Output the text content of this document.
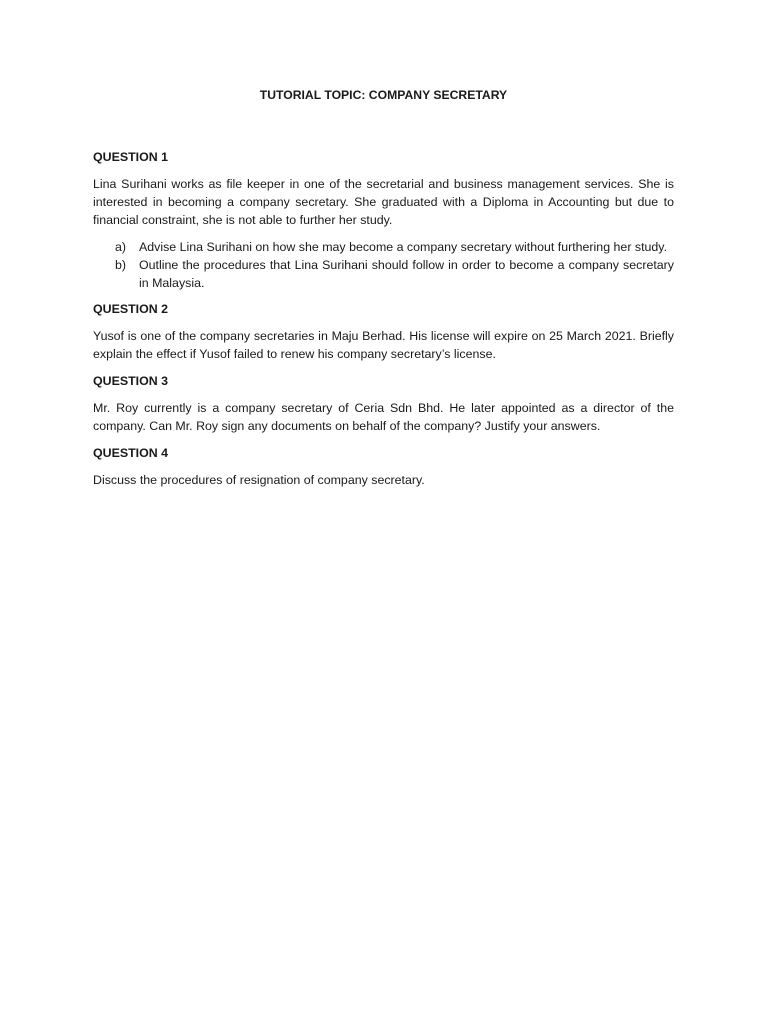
TUTORIAL TOPIC: COMPANY SECRETARY
QUESTION 1
Lina Surihani works as file keeper in one of the secretarial and business management services. She is interested in becoming a company secretary. She graduated with a Diploma in Accounting but due to financial constraint, she is not able to further her study.
a)	Advise Lina Surihani on how she may become a company secretary without furthering her study.
b)	Outline the procedures that Lina Surihani should follow in order to become a company secretary in Malaysia.
QUESTION 2
Yusof is one of the company secretaries in Maju Berhad. His license will expire on 25 March 2021. Briefly explain the effect if Yusof failed to renew his company secretary’s license.
QUESTION 3
Mr. Roy currently is a company secretary of Ceria Sdn Bhd. He later appointed as a director of the company. Can Mr. Roy sign any documents on behalf of the company? Justify your answers.
QUESTION 4
Discuss the procedures of resignation of company secretary.
